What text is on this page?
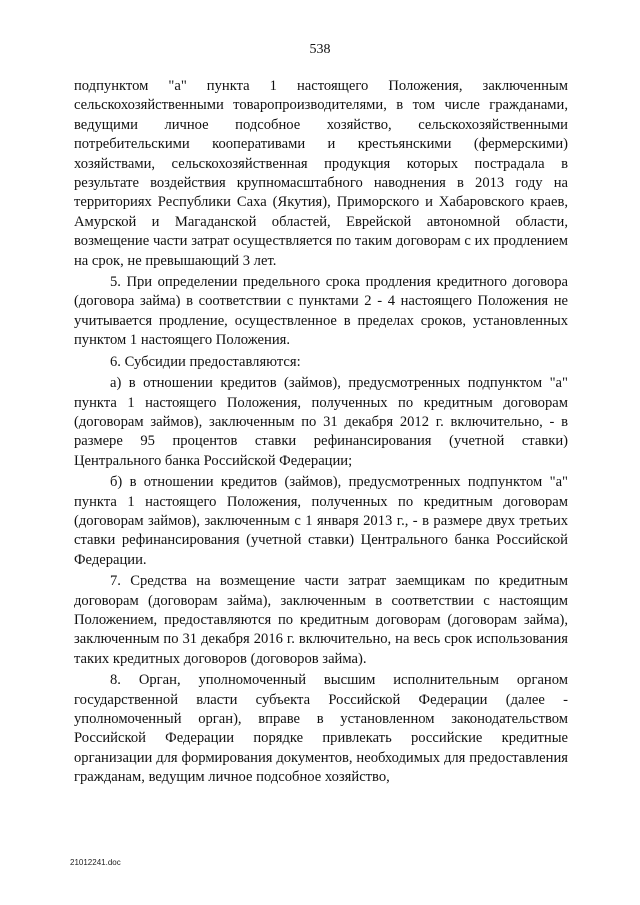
538

подпунктом "а" пункта 1 настоящего Положения, заключенным сельскохозяйственными товаропроизводителями, в том числе гражданами, ведущими личное подсобное хозяйство, сельскохозяйственными потребительскими кооперативами и крестьянскими (фермерскими) хозяйствами, сельскохозяйственная продукция которых пострадала в результате воздействия крупномасштабного наводнения в 2013 году на территориях Республики Саха (Якутия), Приморского и Хабаровского краев, Амурской и Магаданской областей, Еврейской автономной области, возмещение части затрат осуществляется по таким договорам с их продлением на срок, не превышающий 3 лет.

5. При определении предельного срока продления кредитного договора (договора займа) в соответствии с пунктами 2 - 4 настоящего Положения не учитывается продление, осуществленное в пределах сроков, установленных пунктом 1 настоящего Положения.

6. Субсидии предоставляются:

а) в отношении кредитов (займов), предусмотренных подпунктом "а" пункта 1 настоящего Положения, полученных по кредитным договорам (договорам займов), заключенным по 31 декабря 2012 г. включительно, - в размере 95 процентов ставки рефинансирования (учетной ставки) Центрального банка Российской Федерации;

б) в отношении кредитов (займов), предусмотренных подпунктом "а" пункта 1 настоящего Положения, полученных по кредитным договорам (договорам займов), заключенным с 1 января 2013 г., - в размере двух третьих ставки рефинансирования (учетной ставки) Центрального банка Российской Федерации.

7. Средства на возмещение части затрат заемщикам по кредитным договорам (договорам займа), заключенным в соответствии с настоящим Положением, предоставляются по кредитным договорам (договорам займа), заключенным по 31 декабря 2016 г. включительно, на весь срок использования таких кредитных договоров (договоров займа).

8. Орган, уполномоченный высшим исполнительным органом государственной власти субъекта Российской Федерации (далее - уполномоченный орган), вправе в установленном законодательством Российской Федерации порядке привлекать российские кредитные организации для формирования документов, необходимых для предоставления гражданам, ведущим личное подсобное хозяйство,

21012241.doc
